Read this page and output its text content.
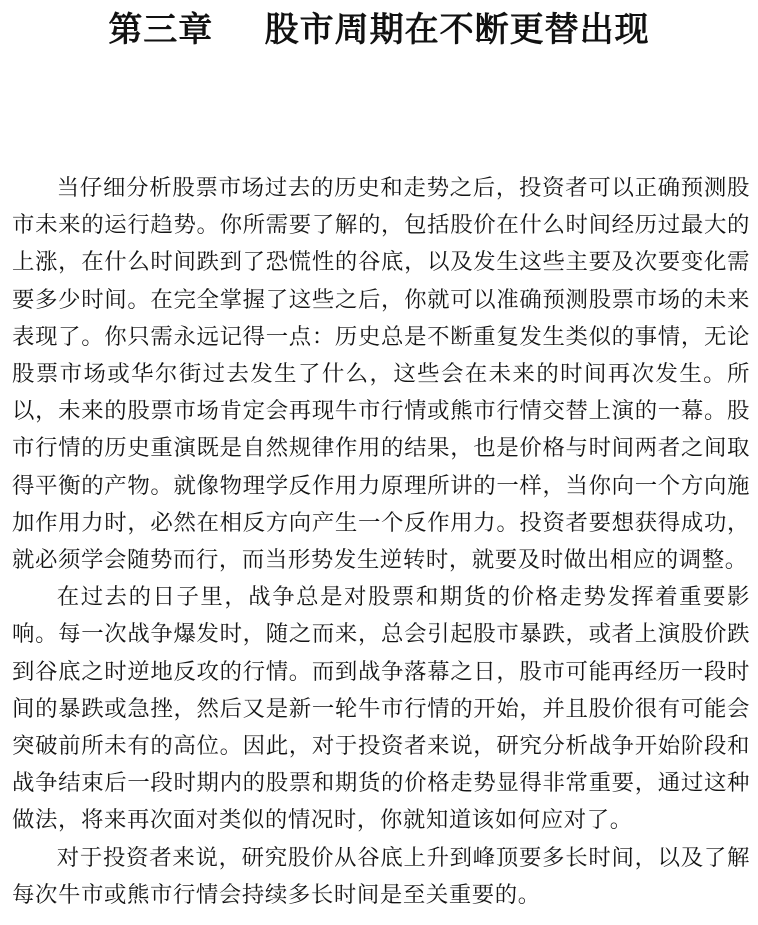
第三章    股市周期在不断更替出现

当仔细分析股票市场过去的历史和走势之后，投资者可以正确预测股市未来的运行趋势。你所需要了解的，包括股价在什么时间经历过最大的上涨，在什么时间跌到了恐慌性的谷底，以及发生这些主要及次要变化需要多少时间。在完全掌握了这些之后，你就可以准确预测股票市场的未来表现了。你只需永远记得一点：历史总是不断重复发生类似的事情，无论股票市场或华尔街过去发生了什么，这些会在未来的时间再次发生。所以，未来的股票市场肯定会再现牛市行情或熊市行情交替上演的一幕。股市行情的历史重演既是自然规律作用的结果，也是价格与时间两者之间取得平衡的产物。就像物理学反作用力原理所讲的一样，当你向一个方向施加作用力时，必然在相反方向产生一个反作用力。投资者要想获得成功，就必须学会随势而行，而当形势发生逆转时，就要及时做出相应的调整。

在过去的日子里，战争总是对股票和期货的价格走势发挥着重要影响。每一次战争爆发时，随之而来，总会引起股市暴跌，或者上演股价跌到谷底之时逆地反攻的行情。而到战争落幕之日，股市可能再经历一段时间的暴跌或急挫，然后又是新一轮牛市行情的开始，并且股价很有可能会突破前所未有的高位。因此，对于投资者来说，研究分析战争开始阶段和战争结束后一段时期内的股票和期货的价格走势显得非常重要，通过这种做法，将来再次面对类似的情况时，你就知道该如何应对了。

对于投资者来说，研究股价从谷底上升到峰顶要多长时间，以及了解每次牛市或熊市行情会持续多长时间是至关重要的。
